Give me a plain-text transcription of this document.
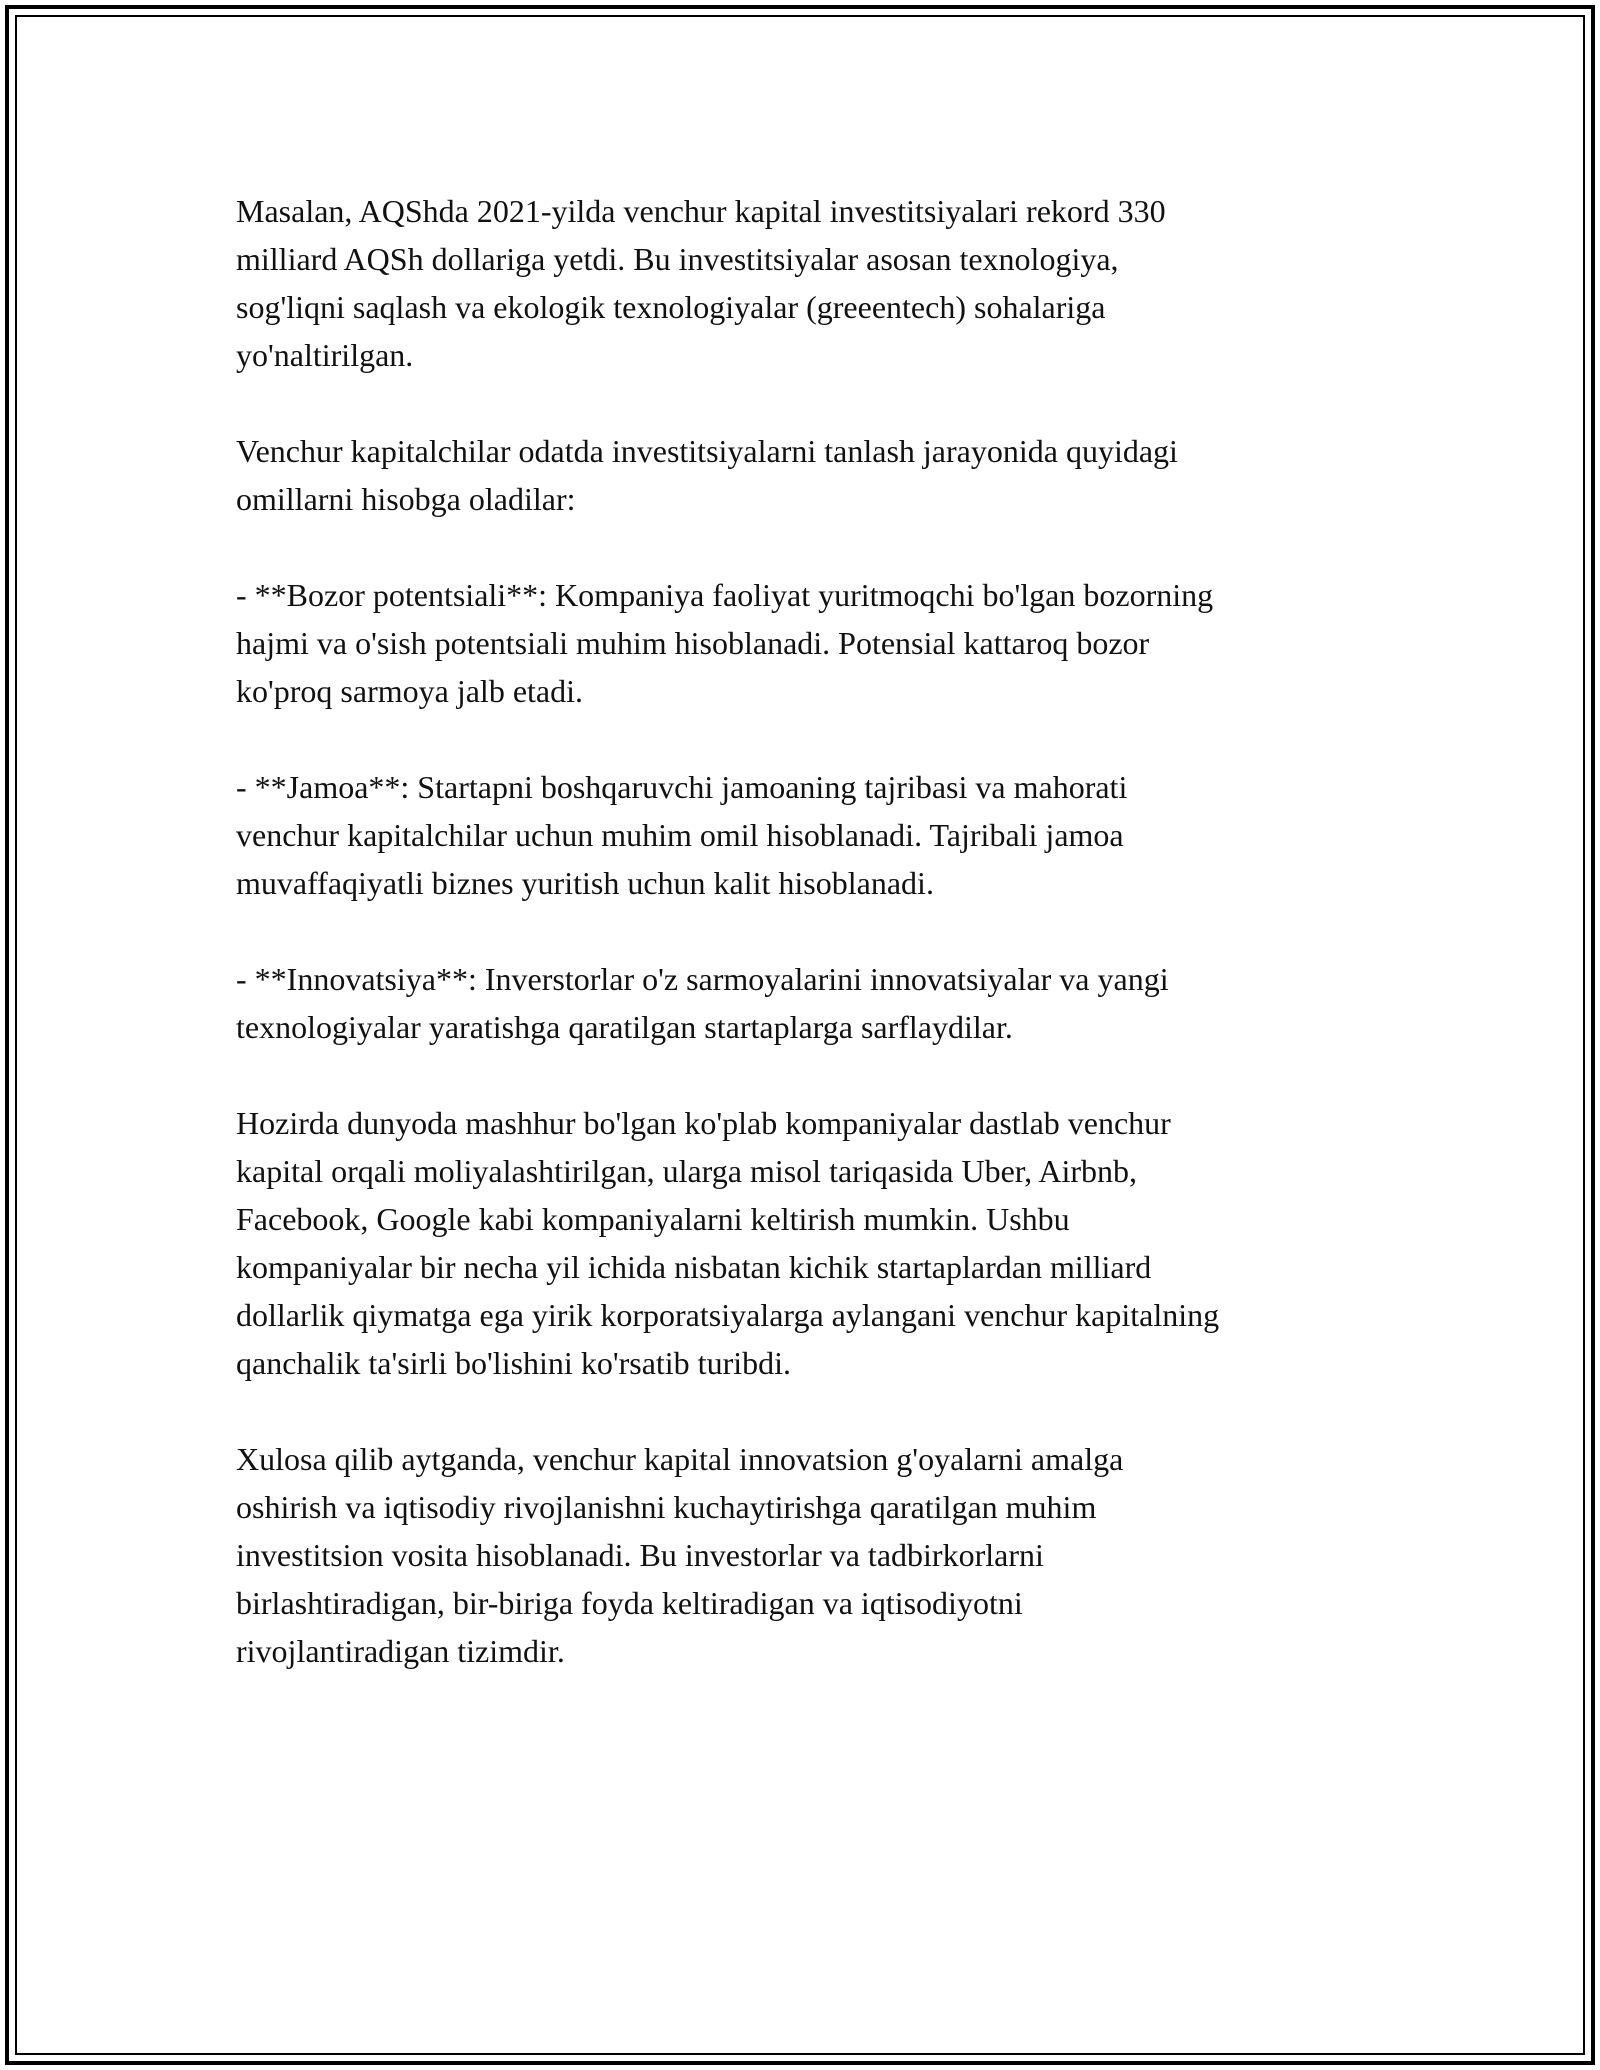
Masalan, AQShda 2021-yilda venchur kapital investitsiyalari rekord 330
milliard AQSh dollariga yetdi. Bu investitsiyalar asosan texnologiya,
sog'liqni saqlash va ekologik texnologiyalar (greeentech) sohalariga
yo'naltirilgan.

Venchur kapitalchilar odatda investitsiyalarni tanlash jarayonida quyidagi
omillarni hisobga oladilar:

- **Bozor potentsiali**: Kompaniya faoliyat yuritmoqchi bo'lgan bozorning
hajmi va o'sish potentsiali muhim hisoblanadi. Potensial kattaroq bozor
ko'proq sarmoya jalb etadi.

- **Jamoa**: Startapni boshqaruvchi jamoaning tajribasi va mahorati
venchur kapitalchilar uchun muhim omil hisoblanadi. Tajribali jamoa
muvaffaqiyatli biznes yuritish uchun kalit hisoblanadi.

- **Innovatsiya**: Inverstorlar o'z sarmoyalarini innovatsiyalar va yangi
texnologiyalar yaratishga qaratilgan startaplarga sarflaydilar.

Hozirda dunyoda mashhur bo'lgan ko'plab kompaniyalar dastlab venchur
kapital orqali moliyalashtirilgan, ularga misol tariqasida Uber, Airbnb,
Facebook, Google kabi kompaniyalarni keltirish mumkin. Ushbu
kompaniyalar bir necha yil ichida nisbatan kichik startaplardan milliard
dollarlik qiymatga ega yirik korporatsiyalarga aylangani venchur kapitalning
qanchalik ta'sirli bo'lishini ko'rsatib turibdi.

Xulosa qilib aytganda, venchur kapital innovatsion g'oyalarni amalga
oshirish va iqtisodiy rivojlanishni kuchaytirishga qaratilgan muhim
investitsion vosita hisoblanadi. Bu investorlar va tadbirkorlarni
birlashtiradigan, bir-biriga foyda keltiradigan va iqtisodiyotni
rivojlantiradigan tizimdir.
